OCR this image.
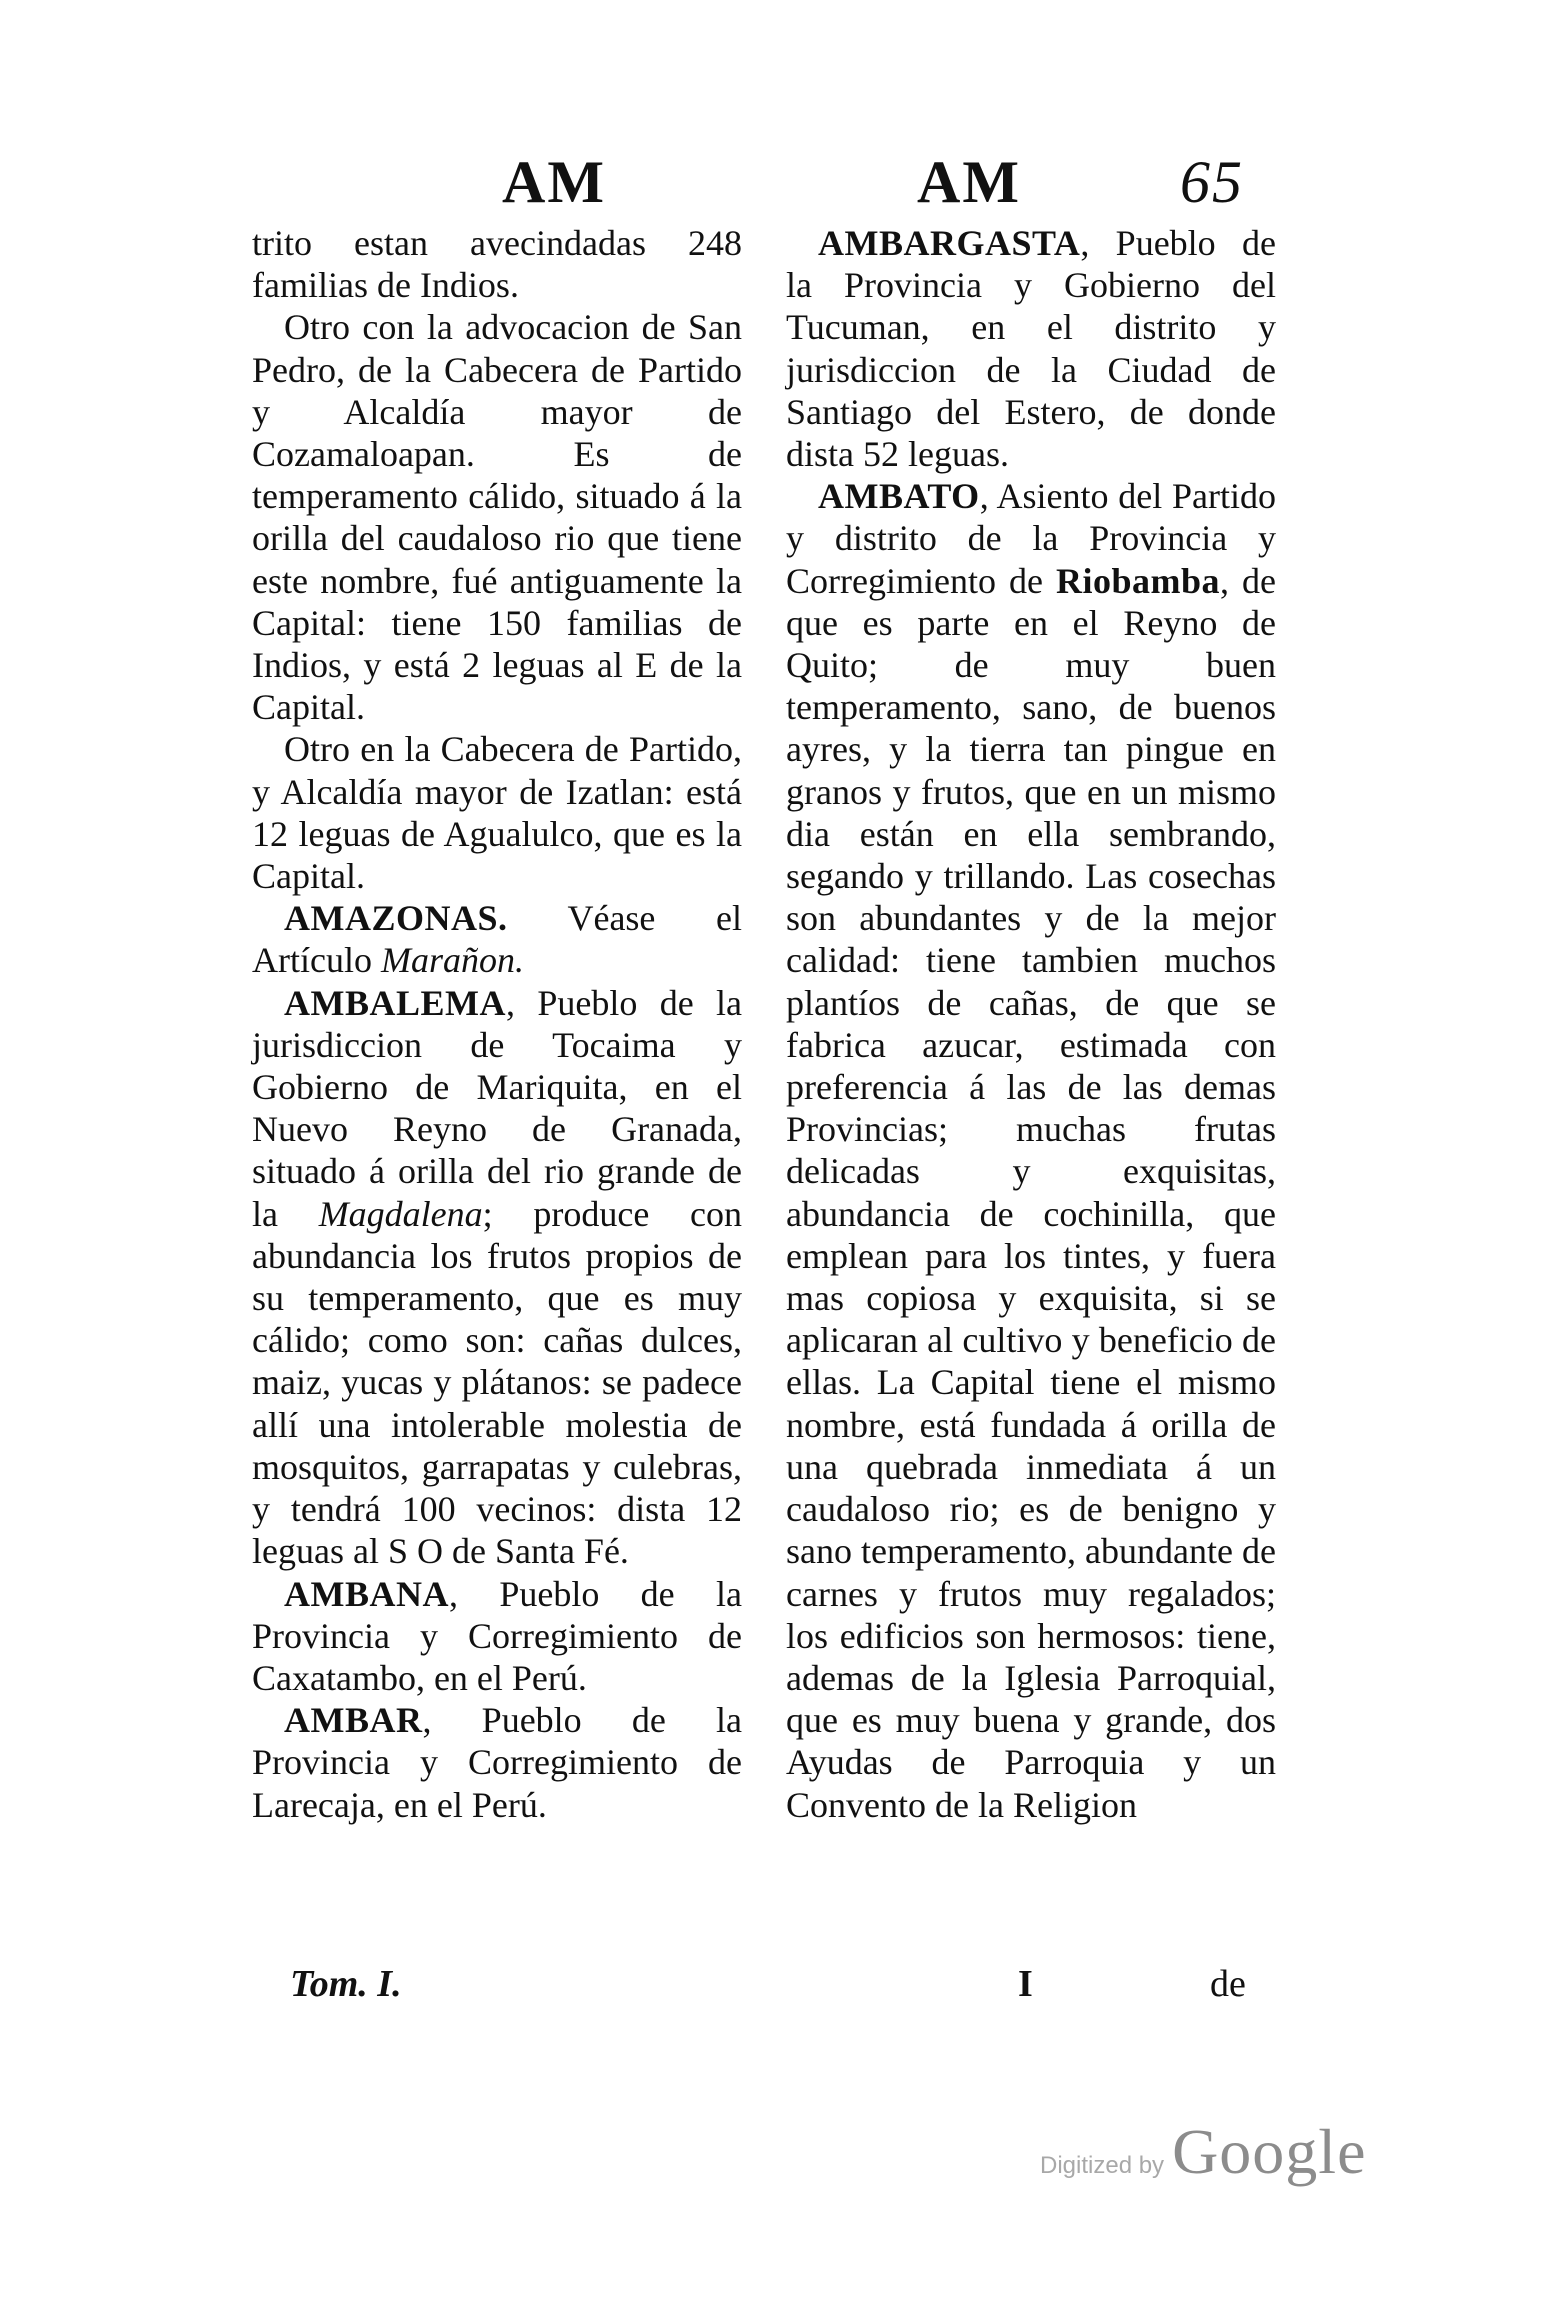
AM	AM	65

trito estan avecindadas 248 familias de Indios.

Otro con la advocacion de San Pedro, de la Cabecera de Partido y Alcaldía mayor de Cozamaloapan. Es de temperamento cálido, situado á la orilla del caudaloso rio que tiene este nombre, fué antiguamente la Capital: tiene 150 familias de Indios, y está 2 leguas al E de la Capital.

Otro en la Cabecera de Partido, y Alcaldía mayor de Izatlan: está 12 leguas de Agualulco, que es la Capital.

AMAZONAS. Véase el Artículo Marañon.

AMBALEMA, Pueblo de la jurisdiccion de Tocaima y Gobierno de Mariquita, en el Nuevo Reyno de Granada, situado á orilla del rio grande de la Magdalena; produce con abundancia los frutos propios de su temperamento, que es muy cálido; como son: cañas dulces, maiz, yucas y plátanos: se padece allí una intolerable molestia de mosquitos, garrapatas y culebras, y tendrá 100 vecinos: dista 12 leguas al S O de Santa Fé.

AMBANA, Pueblo de la Provincia y Corregimiento de Caxatambo, en el Perú.

AMBAR, Pueblo de la Provincia y Corregimiento de Larecaja, en el Perú.

AMBARGASTA, Pueblo de la Provincia y Gobierno del Tucuman, en el distrito y jurisdiccion de la Ciudad de Santiago del Estero, de donde dista 52 leguas.

AMBATO, Asiento del Partido y distrito de la Provincia y Corregimiento de Riobamba, de que es parte en el Reyno de Quito; de muy buen temperamento, sano, de buenos ayres, y la tierra tan pingue en granos y frutos, que en un mismo dia están en ella sembrando, segando y trillando. Las cosechas son abundantes y de la mejor calidad: tiene tambien muchos plantíos de cañas, de que se fabrica azucar, estimada con preferencia á las de las demas Provincias; muchas frutas delicadas y exquisitas, abundancia de cochinilla, que emplean para los tintes, y fuera mas copiosa y exquisita, si se aplicaran al cultivo y beneficio de ellas. La Capital tiene el mismo nombre, está fundada á orilla de una quebrada inmediata á un caudaloso rio; es de benigno y sano temperamento, abundante de carnes y frutos muy regalados; los edificios son hermosos: tiene, ademas de la Iglesia Parroquial, que es muy buena y grande, dos Ayudas de Parroquia y un Convento de la Religion

Tom. I.	I	de
Digitized by Google
